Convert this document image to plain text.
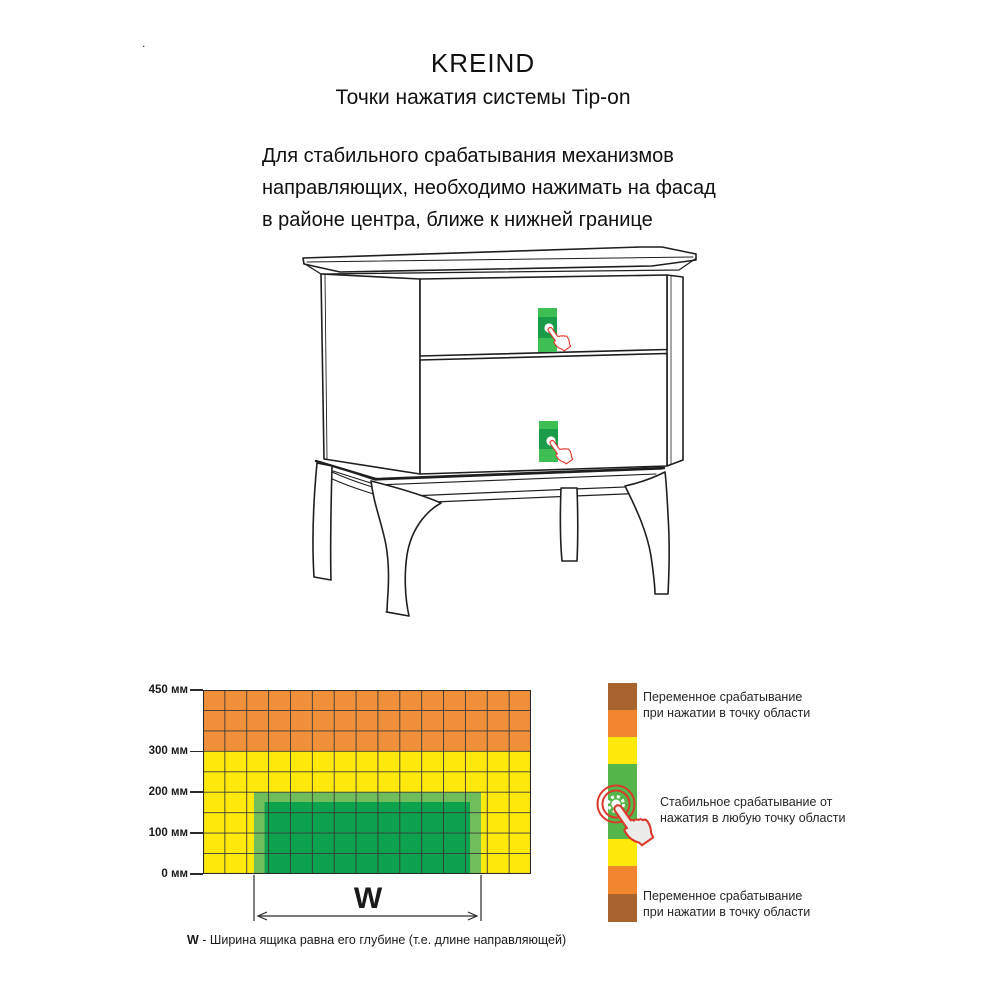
.
KREIND
Точки нажатия системы Tip-on
Для стабильного срабатывания механизмов
направляющих, необходимо нажимать на фасад
в районе центра, ближе к нижней границе
450 мм
300 мм
200 мм
100 мм
0 мм
W
W - Ширина ящика равна его глубине (т.е. длине направляющей)
Переменное срабатывание
при нажатии в точку области
Стабильное срабатывание от
нажатия в любую точку области
Переменное срабатывание
при нажатии в точку области
